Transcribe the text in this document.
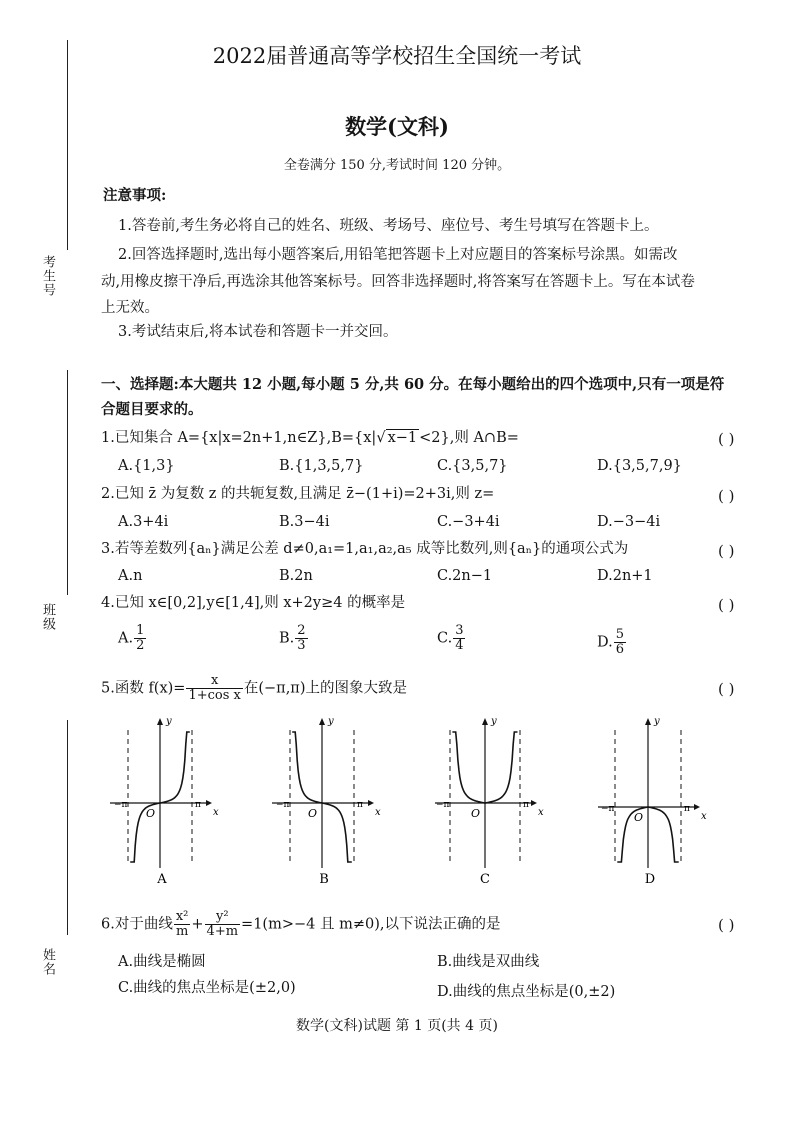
考生号
班级
姓名
2022届普通高等学校招生全国统一考试
数学(文科)
全卷满分 150 分,考试时间 120 分钟。
注意事项:
1.答卷前,考生务必将自己的姓名、班级、考场号、座位号、考生号填写在答题卡上。
2.回答选择题时,选出每小题答案后,用铅笔把答题卡上对应题目的答案标号涂黑。如需改
动,用橡皮擦干净后,再选涂其他答案标号。回答非选择题时,将答案写在答题卡上。写在本试卷
上无效。
3.考试结束后,将本试卷和答题卡一并交回。
一、选择题:本大题共 12 小题,每小题 5 分,共 60 分。在每小题给出的四个选项中,只有一项是符
合题目要求的。
1.已知集合 A={x|x=2n+1,n∈Z},B={x|√ x−1 <2},则 A∩B=	( )
A.{1,3}	B.{1,3,5,7}	C.{3,5,7}	D.{3,5,7,9}
2.已知 z̄ 为复数 z 的共轭复数,且满足 z̄−(1+i)=2+3i,则 z=	( )
A.3+4i	B.3−4i	C.−3+4i	D.−3−4i
3.若等差数列{aₙ}满足公差 d≠0,a₁=1,a₁,a₂,a₅ 成等比数列,则{aₙ}的通项公式为	( )
A.n	B.2n	C.2n−1	D.2n+1
4.已知 x∈[0,2],y∈[1,4],则 x+2y≥4 的概率是	( )
A. $\frac{1}{2}$	B. $\frac{2}{3}$	C. $\frac{3}{4}$	D. $\frac{5}{6}$
5.函数 $f(x)= \frac{x}{\text{1+cos x}}$ 在(−π,π)上的图象大致是	( )
y
x
O
−π	π
A
y
x
O
−π	π
B
y
x
O
−π	π
C
y
x
O
−π	π
D
6.对于曲线 $\frac{\text{x²}}{m} + \frac{\text{y²}}{4+m} =1(m>-4$ 且 m≠0),以下说法正确的是	( )
A.曲线是椭圆	B.曲线是双曲线
C.曲线的焦点坐标是(±2,0)	D.曲线的焦点坐标是(0,±2)
数学(文科)试题 第 1 页(共 4 页)
